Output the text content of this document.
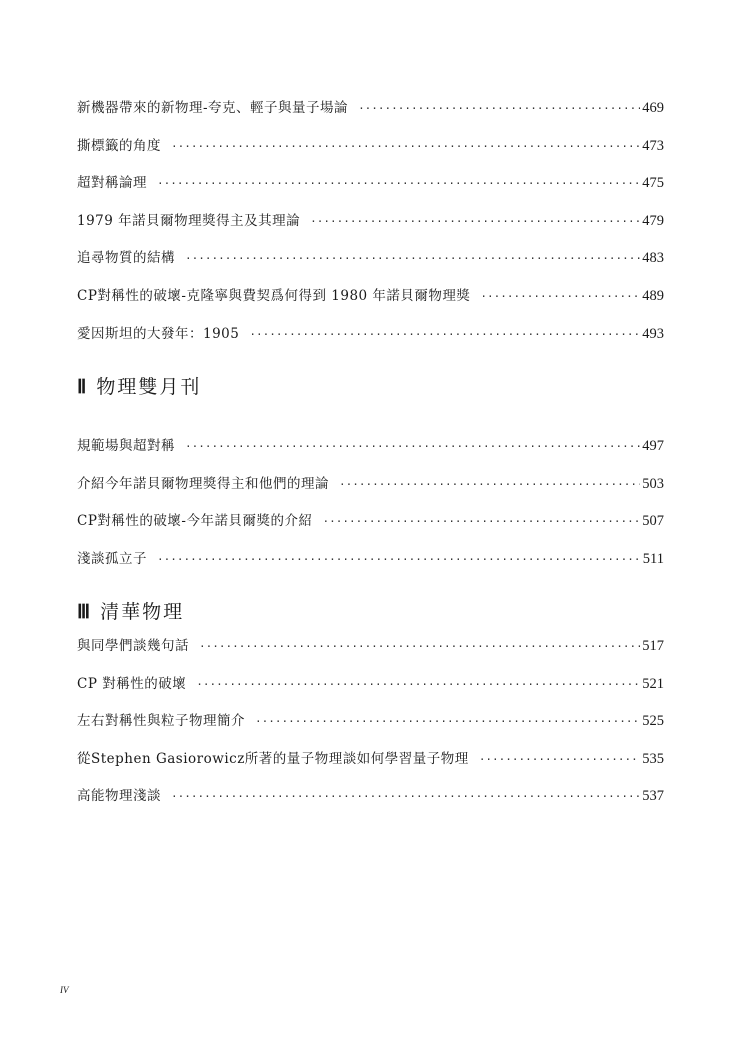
新機器帶來的新物理-夸克、輕子與量子場論 ·····	469
撕標籤的角度 ·····	473
超對稱論理 ·····	475
1979 年諾貝爾物理獎得主及其理論 ·····	479
追尋物質的結構 ·····	483
CP對稱性的破壞-克隆寧與費契爲何得到 1980 年諾貝爾物理獎 ·····	489
愛因斯坦的大發年：1905 ·····	493
Ⅱ 物理雙月刊
規範場與超對稱 ·····	497
介紹今年諾貝爾物理獎得主和他們的理論 ·····	503
CP對稱性的破壞-今年諾貝爾獎的介紹 ·····	507
淺談孤立子 ·····	511
Ⅲ 清華物理
與同學們談幾句話 ·····	517
CP 對稱性的破壞 ·····	521
左右對稱性與粒子物理簡介 ·····	525
從Stephen Gasiorowicz所著的量子物理談如何學習量子物理 ·····	535
高能物理淺談 ·····	537
IV
